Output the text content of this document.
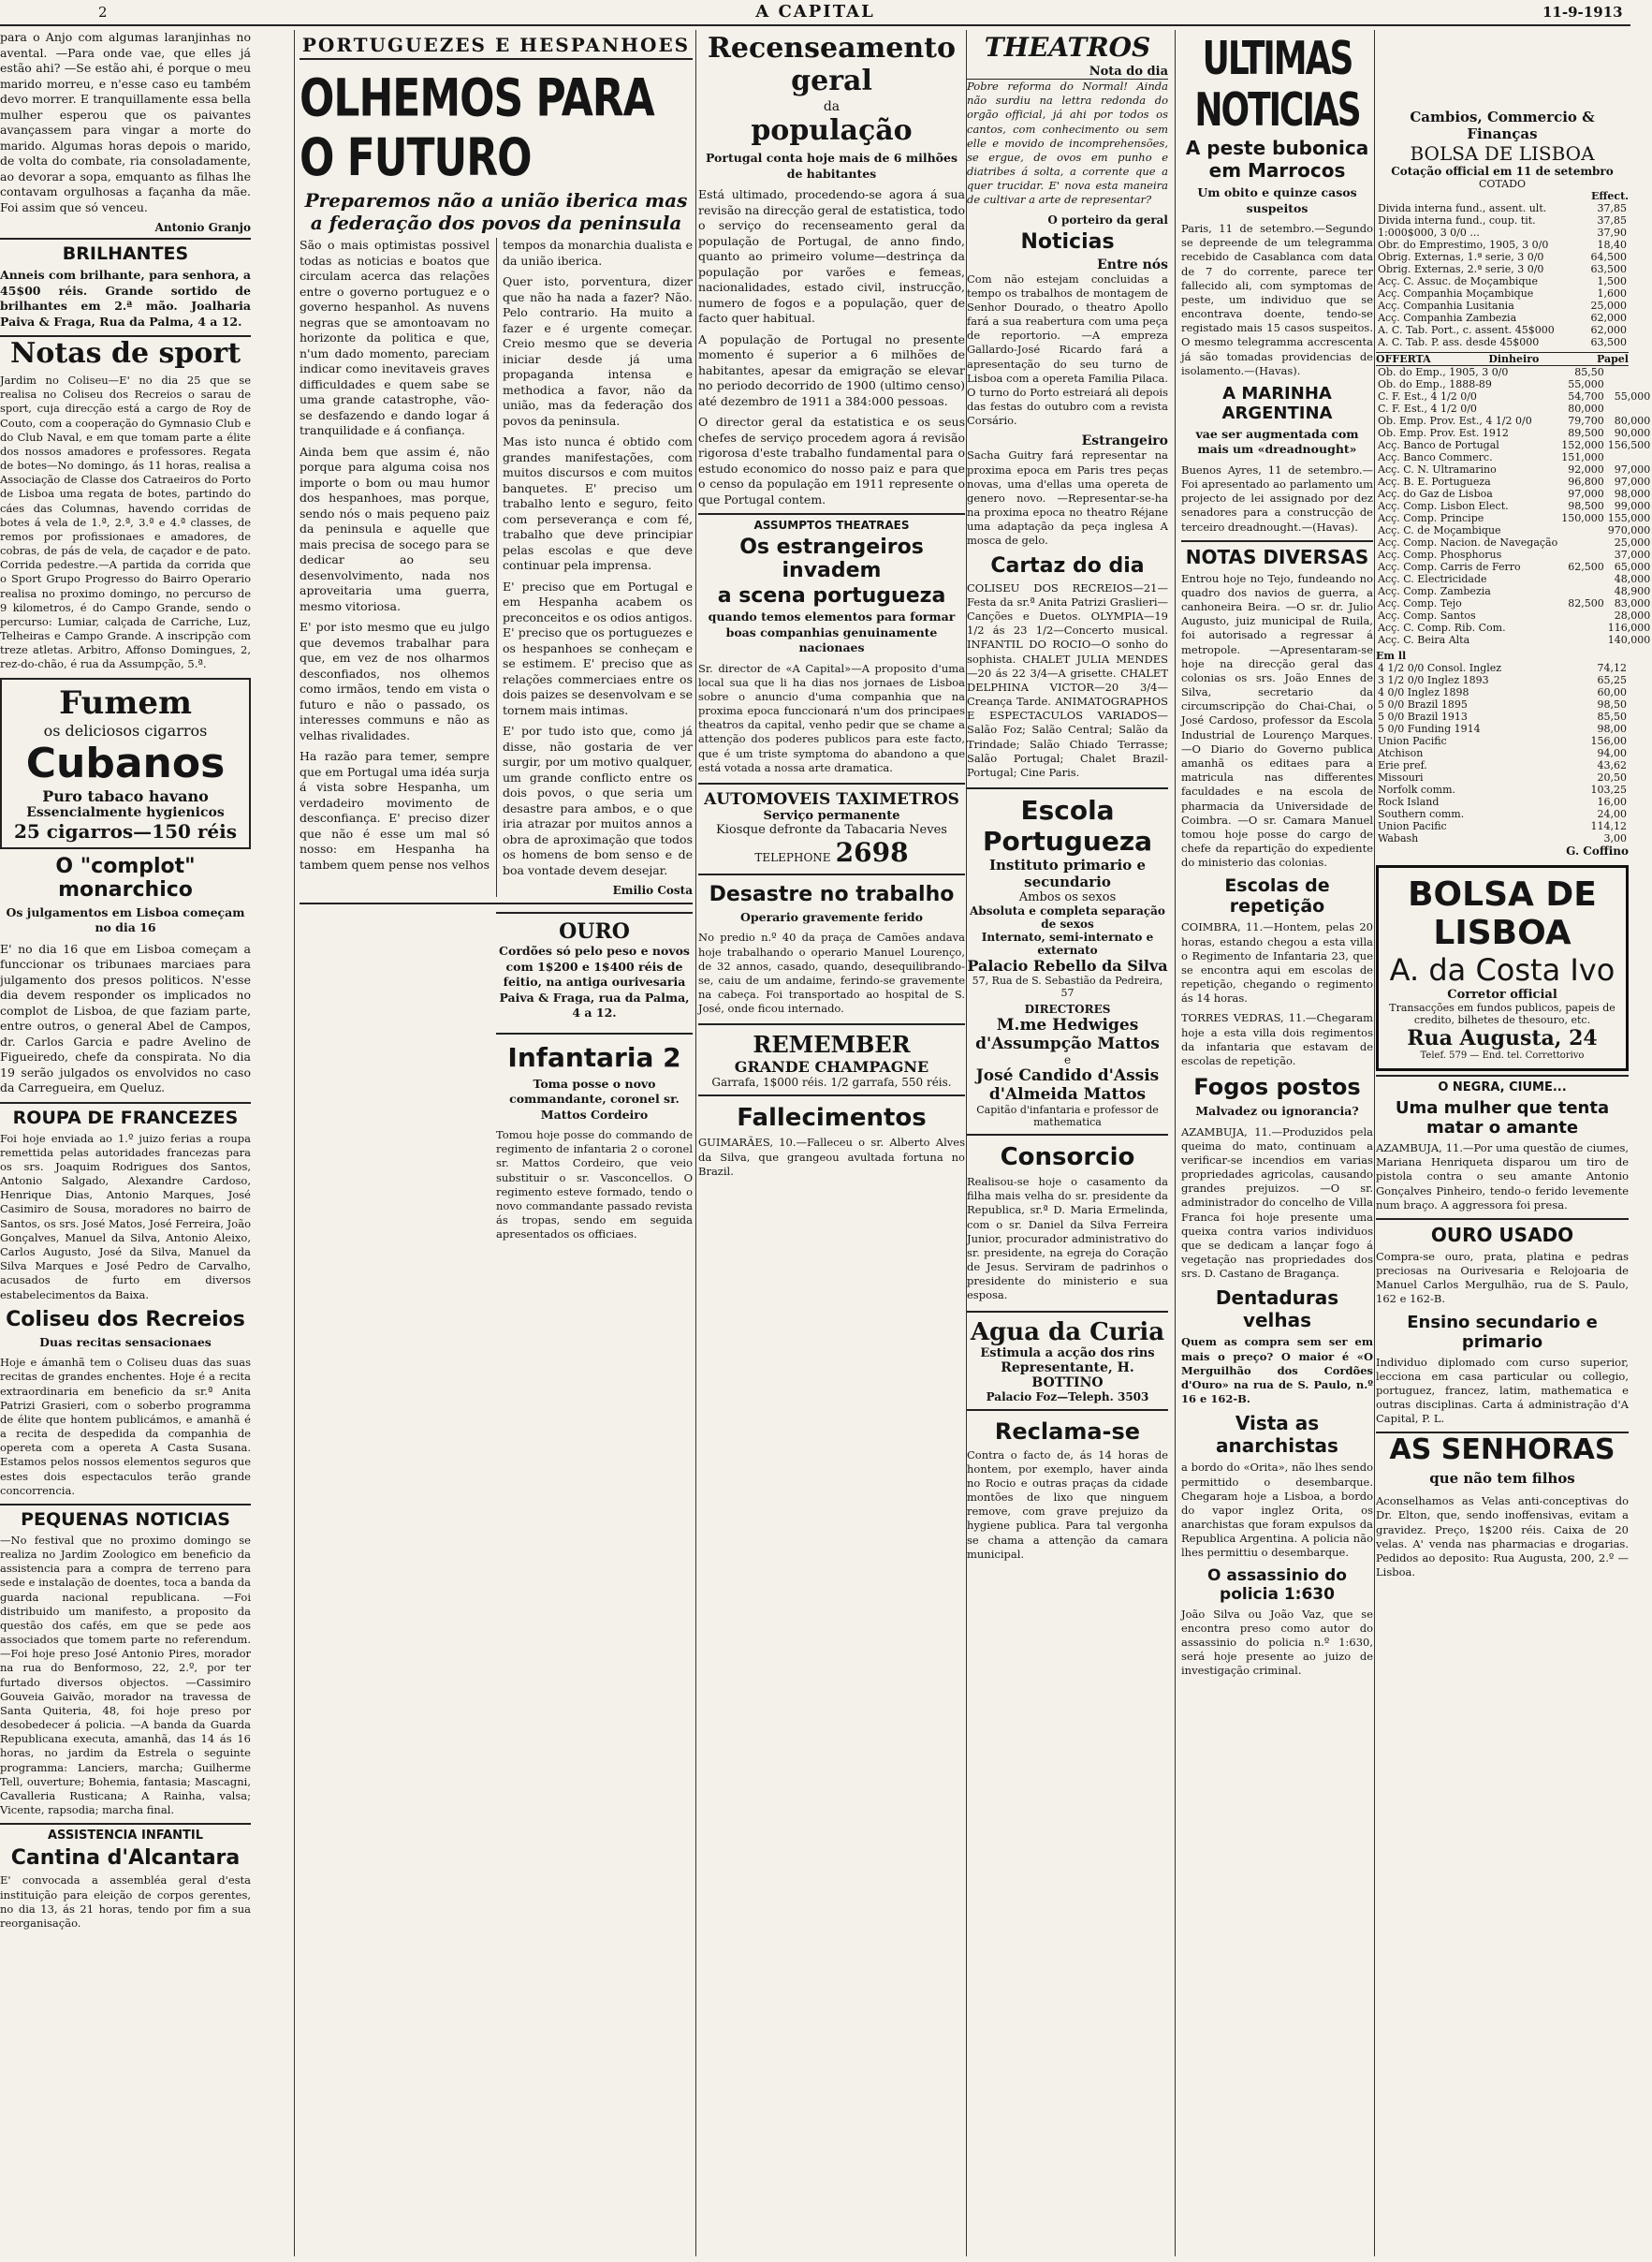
2	A CAPITAL	11-9-1913

para o Anjo com algumas laranjinhas no avental. —Para onde vae, que elles já estão ahi? —Se estão ahi, é porque o meu marido morreu, e n'esse caso eu também devo morrer. E tranquillamente essa bella mulher esperou que os paivantes avançassem para vingar a morte do marido. Algumas horas depois o marido, de volta do combate, ria consoladamente, ao devorar a sopa, emquanto as filhas lhe contavam orgulhosas a façanha da mãe. Foi assim que só venceu.

Antonio Granjo
BRILHANTES

Anneis com brilhante, para senhora, a 45$00 réis. Grande sortido de brilhantes em 2.ª mão. Joalharia Paiva & Fraga, Rua da Palma, 4 a 12.

Notas de sport

Jardim no Coliseu—E' no dia 25 que se realisa no Coliseu dos Recreios o sarau de sport, cuja direcção está a cargo de Roy de Couto, com a cooperação do Gymnasio Club e do Club Naval, e em que tomam parte a élite dos nossos amadores e professores. Regata de botes—No domingo, ás 11 horas, realisa a Associação de Classe dos Catraeiros do Porto de Lisboa uma regata de botes, partindo do cáes das Columnas, havendo corridas de botes á vela de 1.ª, 2.ª, 3.ª e 4.ª classes, de remos por profissionaes e amadores, de cobras, de pás de vela, de caçador e de pato. Corrida pedestre.—A partida da corrida que o Sport Grupo Progresso do Bairro Operario realisa no proximo domingo, no percurso de 9 kilometros, é do Campo Grande, sendo o percurso: Lumiar, calçada de Carriche, Luz, Telheiras e Campo Grande. A inscripção com treze atletas. Arbitro, Affonso Domingues, 2, rez-do-chão, é rua da Assumpção, 5.ª.

Fumem
os deliciosos cigarros
Cubanos
Puro tabaco havano
Essencialmente hygienicos
25 cigarros—150 réis
O "complot" monarchico

Os julgamentos em Lisboa começam no dia 16

E' no dia 16 que em Lisboa começam a funccionar os tribunaes marciaes para julgamento dos presos politicos. N'esse dia devem responder os implicados no complot de Lisboa, de que faziam parte, entre outros, o general Abel de Campos, dr. Carlos Garcia e padre Avelino de Figueiredo, chefe da conspirata. No dia 19 serão julgados os envolvidos no caso da Carregueira, em Queluz.

ROUPA DE FRANCEZES

Foi hoje enviada ao 1.º juizo ferias a roupa remettida pelas autoridades francezas para os srs. Joaquim Rodrigues dos Santos, Antonio Salgado, Alexandre Cardoso, Henrique Dias, Antonio Marques, José Casimiro de Sousa, moradores no bairro de Santos, os srs. José Matos, José Ferreira, João Gonçalves, Manuel da Silva, Antonio Aleixo, Carlos Augusto, José da Silva, Manuel da Silva Marques e José Pedro de Carvalho, acusados de furto em diversos estabelecimentos da Baixa.

Coliseu dos Recreios

Duas recitas sensacionaes

Hoje e ámanhã tem o Coliseu duas das suas recitas de grandes enchentes. Hoje é a recita extraordinaria em beneficio da sr.ª Anita Patrizi Grasieri, com o soberbo programma de élite que hontem publicámos, e amanhã é a recita de despedida da companhia de opereta com a opereta A Casta Susana. Estamos pelos nossos elementos seguros que estes dois espectaculos terão grande concorrencia.

PEQUENAS NOTICIAS

—No festival que no proximo domingo se realiza no Jardim Zoologico em beneficio da assistencia para a compra de terreno para sede e instalação de doentes, toca a banda da guarda nacional republicana. —Foi distribuido um manifesto, a proposito da questão dos cafés, em que se pede aos associados que tomem parte no referendum. —Foi hoje preso José Antonio Pires, morador na rua do Benformoso, 22, 2.º, por ter furtado diversos objectos. —Cassimiro Gouveia Gaivão, morador na travessa de Santa Quiteria, 48, foi hoje preso por desobedecer á policia. —A banda da Guarda Republicana executa, amanhã, das 14 ás 16 horas, no jardim da Estrela o seguinte programma: Lanciers, marcha; Guilherme Tell, ouverture; Bohemia, fantasia; Mascagni, Cavalleria Rusticana; A Rainha, valsa; Vicente, rapsodia; marcha final.

ASSISTENCIA INFANTIL
Cantina d'Alcantara

E' convocada a assembléa geral d'esta instituição para eleição de corpos gerentes, no dia 13, ás 21 horas, tendo por fim a sua reorganisação.

PORTUGUEZES E HESPANHOES
OLHEMOS PARA O FUTURO
Preparemos não a união iberica mas a federação dos povos da peninsula

São o mais optimistas possivel todas as noticias e boatos que circulam acerca das relações entre o governo portuguez e o governo hespanhol. As nuvens negras que se amontoavam no horizonte da politica e que, n'um dado momento, pareciam indicar como inevitaveis graves difficuldades e quem sabe se uma grande catastrophe, vão-se desfazendo e dando logar á tranquilidade e á confiança.

Ainda bem que assim é, não porque para alguma coisa nos importe o bom ou mau humor dos hespanhoes, mas porque, sendo nós o mais pequeno paiz da peninsula e aquelle que mais precisa de socego para se dedicar ao seu desenvolvimento, nada nos aproveitaria uma guerra, mesmo vitoriosa.

E' por isto mesmo que eu julgo que devemos trabalhar para que, em vez de nos olharmos desconfiados, nos olhemos como irmãos, tendo em vista o futuro e não o passado, os interesses communs e não as velhas rivalidades.

Ha razão para temer, sempre que em Portugal uma idéa surja á vista sobre Hespanha, um verdadeiro movimento de desconfiança. E' preciso dizer que não é esse um mal só nosso: em Hespanha ha tambem quem pense nos velhos tempos da monarchia dualista e da união iberica.

Quer isto, porventura, dizer que não ha nada a fazer? Não. Pelo contrario. Ha muito a fazer e é urgente começar. Creio mesmo que se deveria iniciar desde já uma propaganda intensa e methodica a favor, não da união, mas da federação dos povos da peninsula.

Mas isto nunca é obtido com grandes manifestações, com muitos discursos e com muitos banquetes. E' preciso um trabalho lento e seguro, feito com perseverança e com fé, trabalho que deve principiar pelas escolas e que deve continuar pela imprensa.

E' preciso que em Portugal e em Hespanha acabem os preconceitos e os odios antigos. E' preciso que os portuguezes e os hespanhoes se conheçam e se estimem. E' preciso que as relações commerciaes entre os dois paizes se desenvolvam e se tornem mais intimas.

E' por tudo isto que, como já disse, não gostaria de ver surgir, por um motivo qualquer, um grande conflicto entre os dois povos, o que seria um desastre para ambos, e o que iria atrazar por muitos annos a obra de aproximação que todos os homens de bom senso e de boa vontade devem desejar.

Emilio Costa
OURO

Cordões só pelo peso e novos com 1$200 e 1$400 réis de feitio, na antiga ourivesaria Paiva & Fraga, rua da Palma, 4 a 12.

Infantaria 2

Toma posse o novo commandante, coronel sr. Mattos Cordeiro

Tomou hoje posse do commando de regimento de infantaria 2 o coronel sr. Mattos Cordeiro, que veio substituir o sr. Vasconcellos. O regimento esteve formado, tendo o novo commandante passado revista ás tropas, sendo em seguida apresentados os officiaes.

Recenseamento geral
da
população

Portugal conta hoje mais de 6 milhões de habitantes

Está ultimado, procedendo-se agora á sua revisão na direcção geral de estatistica, todo o serviço do recenseamento geral da população de Portugal, de anno findo, quanto ao primeiro volume—destrinça da população por varões e femeas, nacionalidades, estado civil, instrucção, numero de fogos e a população, quer de facto quer habitual.

A população de Portugal no presente momento é superior a 6 milhões de habitantes, apesar da emigração se elevar no periodo decorrido de 1900 (ultimo censo) até dezembro de 1911 a 384:000 pessoas.

O director geral da estatistica e os seus chefes de serviço procedem agora á revisão rigorosa d'este trabalho fundamental para o estudo economico do nosso paiz e para que o censo da população em 1911 represente o que Portugal contem.

ASSUMPTOS THEATRAES
Os estrangeiros invadem
a scena portugueza

quando temos elementos para formar boas companhias genuinamente nacionaes

Sr. director de «A Capital»—A proposito d'uma local sua que li ha dias nos jornaes de Lisboa sobre o anuncio d'uma companhia que na proxima epoca funccionará n'um dos principaes theatros da capital, venho pedir que se chame a attenção dos poderes publicos para este facto, que é um triste symptoma do abandono a que está votada a nossa arte dramatica.

AUTOMOVEIS TAXIMETROS
Serviço permanente
Kiosque defronte da Tabacaria Neves
TELEPHONE 2698
Desastre no trabalho

Operario gravemente ferido

No predio n.º 40 da praça de Camões andava hoje trabalhando o operario Manuel Lourenço, de 32 annos, casado, quando, desequilibrando-se, caiu de um andaime, ferindo-se gravemente na cabeça. Foi transportado ao hospital de S. José, onde ficou internado.

REMEMBER
GRANDE CHAMPAGNE
Garrafa, 1$000 réis. 1/2 garrafa, 550 réis.
Fallecimentos

GUIMARÃES, 10.—Falleceu o sr. Alberto Alves da Silva, que grangeou avultada fortuna no Brazil.

THEATROS
Nota do dia

Pobre reforma do Normal! Ainda não surdiu na lettra redonda do orgão official, já ahi por todos os cantos, com conhecimento ou sem elle e movido de incomprehensões, se ergue, de ovos em punho e diatribes á solta, a corrente que a quer trucidar. E' nova esta maneira de cultivar a arte de representar?

O porteiro da geral
Noticias
Entre nós

Com não estejam concluidas a tempo os trabalhos de montagem de Senhor Dourado, o theatro Apollo fará a sua reabertura com uma peça de reportorio. —A empreza Gallardo-José Ricardo fará a apresentação do seu turno de Lisboa com a opereta Familia Pilaca. O turno do Porto estreiará ali depois das festas do outubro com a revista Corsário.

Estrangeiro

Sacha Guitry fará representar na proxima epoca em Paris tres peças novas, uma d'ellas uma opereta de genero novo. —Representar-se-ha na proxima epoca no theatro Réjane uma adaptação da peça inglesa A mosca de gelo.

Cartaz do dia

COLISEU DOS RECREIOS—21—Festa da sr.ª Anita Patrizi Graslieri—Canções e Duetos. OLYMPIA—19 1/2 ás 23 1/2—Concerto musical. INFANTIL DO ROCIO—O sonho do sophista. CHALET JULIA MENDES—20 ás 22 3/4—A grisette. CHALET DELPHINA VICTOR—20 3/4—Creança Tarde. ANIMATOGRAPHOS E ESPECTACULOS VARIADOS—Salão Foz; Salão Central; Salão da Trindade; Salão Chiado Terrasse; Salão Portugal; Chalet Brazil-Portugal; Cine Paris.

Escola Portugueza
Instituto primario e secundario
Ambos os sexos
Absoluta e completa separação de sexos
Internato, semi-internato e externato
Palacio Rebello da Silva
57, Rua de S. Sebastião da Pedreira, 57
DIRECTORES
M.me Hedwiges d'Assumpção Mattos
e
José Candido d'Assis d'Almeida Mattos
Capitão d'infantaria e professor de mathematica
Consorcio

Realisou-se hoje o casamento da filha mais velha do sr. presidente da Republica, sr.ª D. Maria Ermelinda, com o sr. Daniel da Silva Ferreira Junior, procurador administrativo do sr. presidente, na egreja do Coração de Jesus. Serviram de padrinhos o presidente do ministerio e sua esposa.

Agua da Curia
Estimula a acção dos rins
Representante, H. BOTTINO
Palacio Foz—Teleph. 3503
Reclama-se

Contra o facto de, ás 14 horas de hontem, por exemplo, haver ainda no Rocio e outras praças da cidade montões de lixo que ninguem remove, com grave prejuizo da hygiene publica. Para tal vergonha se chama a attenção da camara municipal.

ULTIMAS NOTICIAS
A peste bubonica em Marrocos

Um obito e quinze casos suspeitos

Paris, 11 de setembro.—Segundo se depreende de um telegramma recebido de Casablanca com data de 7 do corrente, parece ter fallecido ali, com symptomas de peste, um individuo que se encontrava doente, tendo-se registado mais 15 casos suspeitos. O mesmo telegramma accrescenta já são tomadas providencias de isolamento.—(Havas).

A MARINHA ARGENTINA

vae ser augmentada com mais um «dreadnought»

Buenos Ayres, 11 de setembro.—Foi apresentado ao parlamento um projecto de lei assignado por dez senadores para a construcção de terceiro dreadnought.—(Havas).

NOTAS DIVERSAS

Entrou hoje no Tejo, fundeando no quadro dos navios de guerra, a canhoneira Beira. —O sr. dr. Julio Augusto, juiz municipal de Ruila, foi autorisado a regressar á metropole. —Apresentaram-se hoje na direcção geral das colonias os srs. João Ennes de Silva, secretario da circumscripção do Chai-Chai, o José Cardoso, professor da Escola Industrial de Lourenço Marques. —O Diario do Governo publica amanhã os editaes para a matricula nas differentes faculdades e na escola de pharmacia da Universidade de Coimbra. —O sr. Camara Manuel tomou hoje posse do cargo de chefe da repartição do expediente do ministerio das colonias.

Escolas de repetição

COIMBRA, 11.—Hontem, pelas 20 horas, estando chegou a esta villa o Regimento de Infantaria 23, que se encontra aqui em escolas de repetição, chegando o regimento ás 14 horas.

TORRES VEDRAS, 11.—Chegaram hoje a esta villa dois regimentos da infantaria que estavam de escolas de repetição.

Fogos postos

Malvadez ou ignorancia?

AZAMBUJA, 11.—Produzidos pela queima do mato, continuam a verificar-se incendios em varias propriedades agricolas, causando grandes prejuizos. —O sr. administrador do concelho de Villa Franca foi hoje presente uma queixa contra varios individuos que se dedicam a lançar fogo á vegetação nas propriedades dos srs. D. Castano de Bragança.

Dentaduras velhas

Quem as compra sem ser em mais o preço? O maior é «O Merguilhão dos Cordões d'Ouro» na rua de S. Paulo, n.º 16 e 162-B.

Vista as anarchistas

a bordo do «Orita», não lhes sendo permittido o desembarque. Chegaram hoje a Lisboa, a bordo do vapor inglez Orita, os anarchistas que foram expulsos da Republica Argentina. A policia não lhes permittiu o desembarque.

O assassinio do policia 1:630

João Silva ou João Vaz, que se encontra preso como autor do assassinio do policia n.º 1:630, será hoje presente ao juizo de investigação criminal.

Cambios, Commercio & Finanças
BOLSA DE LISBOA
Cotação official em 11 de setembro
COTADO
Effect.
Divida interna fund., assent. ult.	37,85
Divida interna fund., coup. tit.	37,85
1:000$000, 3 0/0 ...	37,90
Obr. do Emprestimo, 1905, 3 0/0	18,40
Obrig. Externas, 1.ª serie, 3 0/0	64,500
Obrig. Externas, 2.ª serie, 3 0/0	63,500
Acç. C. Assuc. de Moçambique	1,500
Acç. Companhia Moçambique	1,600
Acç. Companhia Lusitania	25,000
Acç. Companhia Zambezia	62,000
A. C. Tab. Port., c. assent. 45$000	62,000
A. C. Tab. P. ass. desde 45$000	63,500
OFFERTA	Dinheiro	Papel
Ob. do Emp., 1905, 3 0/0	85,50	
Ob. do Emp., 1888-89	55,000	
C. F. Est., 4 1/2 0/0	54,700	55,000
C. F. Est., 4 1/2 0/0	80,000	
Ob. Emp. Prov. Est., 4 1/2 0/0	79,700	80,000
Ob. Emp. Prov. Est. 1912	89,500	90,000
Acç. Banco de Portugal	152,000	156,500
Acç. Banco Commerc.	151,000	
Acç. C. N. Ultramarino	92,000	97,000
Acç. B. E. Portugueza	96,800	97,000
Acç. do Gaz de Lisboa	97,000	98,000
Acç. Comp. Lisbon Elect.	98,500	99,000
Acç. Comp. Principe	150,000	155,000
Acç. C. de Moçambique		970,000
Acç. Comp. Nacion. de Navegação		25,000
Acç. Comp. Phosphorus		37,000
Acç. Comp. Carris de Ferro	62,500	65,000
Acç. C. Electricidade		48,000
Acç. Comp. Zambezia		48,900
Acç. Comp. Tejo	82,500	83,000
Acç. Comp. Santos		28,000
Acç. C. Comp. Rib. Com.		116,000
Acç. C. Beira Alta		140,000
Em ll
4 1/2 0/0 Consol. Inglez	74,12
3 1/2 0/0 Inglez 1893	65,25
4 0/0 Inglez 1898	60,00
5 0/0 Brazil 1895	98,50
5 0/0 Brazil 1913	85,50
5 0/0 Funding 1914	98,00
Union Pacific	156,00
Atchison	94,00
Erie pref.	43,62
Missouri	20,50
Norfolk comm.	103,25
Rock Island	16,00
Southern comm.	24,00
Union Pacific	114,12
Wabash	3,00
G. Coffino
BOLSA DE LISBOA
A. da Costa Ivo
Corretor official
Transacções em fundos publicos, papeis de credito, bilhetes de thesouro, etc.
Rua Augusta, 24
Telef. 579 — End. tel. Correttorivo
O NEGRA, CIUME...
Uma mulher que tenta matar o amante

AZAMBUJA, 11.—Por uma questão de ciumes, Mariana Henriqueta disparou um tiro de pistola contra o seu amante Antonio Gonçalves Pinheiro, tendo-o ferido levemente num braço. A aggressora foi presa.

OURO USADO

Compra-se ouro, prata, platina e pedras preciosas na Ourivesaria e Relojoaria de Manuel Carlos Mergulhão, rua de S. Paulo, 162 e 162-B.

Ensino secundario e primario

Individuo diplomado com curso superior, lecciona em casa particular ou collegio, portuguez, francez, latim, mathematica e outras disciplinas. Carta á administração d'A Capital, P. L.

AS SENHORAS

que não tem filhos

Aconselhamos as Velas anti-conceptivas do Dr. Elton, que, sendo inoffensivas, evitam a gravidez. Preço, 1$200 réis. Caixa de 20 velas. A' venda nas pharmacias e drogarias. Pedidos ao deposito: Rua Augusta, 200, 2.º — Lisboa.
